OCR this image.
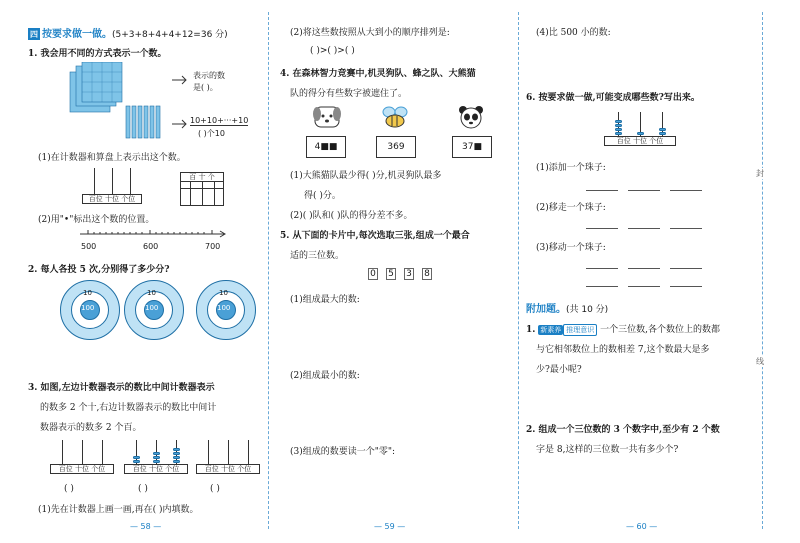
四 按要求做一做。(5+3+8+4+4+12=36 分)
1. 我会用不同的方式表示一个数。
表示的数
是( )。
10+10+···+10
( )个10
(1)在计数器和算盘上表示出这个数。
百位 十位 个位
百 十 个
(2)用"•"标出这个数的位置。
500	600	700
2. 每人各投 5 次,分别得了多少分?
10
100
10
100
10
100
3. 如图,左边计数器表示的数比中间计数器表示
的数多 2 个十,右边计数器表示的数比中间计
数器表示的数多 2 个百。
百位 十位 个位	百位 十位 个位	百位 十位 个位
( )	( )	( )
(1)先在计数器上画一画,再在( )内填数。
— 58 —
(2)将这些数按照从大到小的顺序排列是:
( )>( )>( )
4. 在森林智力竞赛中,机灵狗队、蜂之队、大熊猫
队的得分有些数字被遮住了。
4■■	369	37■
(1)大熊猫队最少得( )分,机灵狗队最多
得( )分。
(2)( )队和( )队的得分差不多。
5. 从下面的卡片中,每次选取三张,组成一个最合
适的三位数。
0 5 3 8
(1)组成最大的数:
(2)组成最小的数:
(3)组成的数要读一个"零":
— 59 —
(4)比 500 小的数:
6. 按要求做一做,可能变成哪些数?写出来。
百位 十位 个位
(1)添加一个珠子:
(2)移走一个珠子:
(3)移动一个珠子:
附加题。(共 10 分)
1. 新素养 推理意识 一个三位数,各个数位上的数都
与它相邻数位上的数相差 7,这个数最大是多
少?最小呢?
2. 组成一个三位数的 3 个数字中,至少有 2 个数
字是 8,这样的三位数一共有多少个?
— 60 —
封
线
